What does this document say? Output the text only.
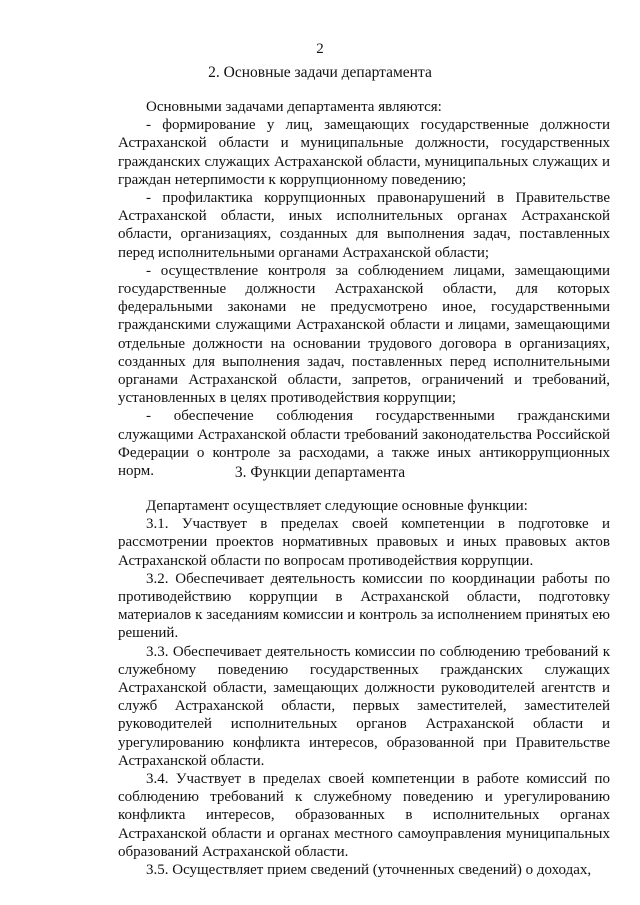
2
2. Основные задачи департамента

Основными задачами департамента являются:

- формирование у лиц, замещающих государственные должности Астраханской области и муниципальные должности, государственных гражданских служащих Астраханской области, муниципальных служащих и граждан нетерпимости к коррупционному поведению;

- профилактика коррупционных правонарушений в Правительстве Астраханской области, иных исполнительных органах Астраханской области, организациях, созданных для выполнения задач, поставленных перед исполнительными органами Астраханской области;

- осуществление контроля за соблюдением лицами, замещающими государственные должности Астраханской области, для которых федеральными законами не предусмотрено иное, государственными гражданскими служащими Астраханской области и лицами, замещающими отдельные должности на основании трудового договора в организациях, созданных для выполнения задач, поставленных перед исполнительными органами Астраханской области, запретов, ограничений и требований, установленных в целях противодействия коррупции;

- обеспечение соблюдения государственными гражданскими служащими Астраханской области требований законодательства Российской Федерации о контроле за расходами, а также иных антикоррупционных норм.	3. Функции департамента

Департамент осуществляет следующие основные функции:

3.1. Участвует в пределах своей компетенции в подготовке и рассмотрении проектов нормативных правовых и иных правовых актов Астраханской области по вопросам противодействия коррупции.

3.2. Обеспечивает деятельность комиссии по координации работы по противодействию коррупции в Астраханской области, подготовку материалов к заседаниям комиссии и контроль за исполнением принятых ею решений.

3.3. Обеспечивает деятельность комиссии по соблюдению требований к служебному поведению государственных гражданских служащих Астраханской области, замещающих должности руководителей агентств и служб Астраханской области, первых заместителей, заместителей руководителей исполнительных органов Астраханской области и урегулированию конфликта интересов, образованной при Правительстве Астраханской области.

3.4. Участвует в пределах своей компетенции в работе комиссий по соблюдению требований к служебному поведению и урегулированию конфликта интересов, образованных в исполнительных органах Астраханской области и органах местного самоуправления муниципальных образований Астраханской области.

3.5. Осуществляет прием сведений (уточненных сведений) о доходах,
